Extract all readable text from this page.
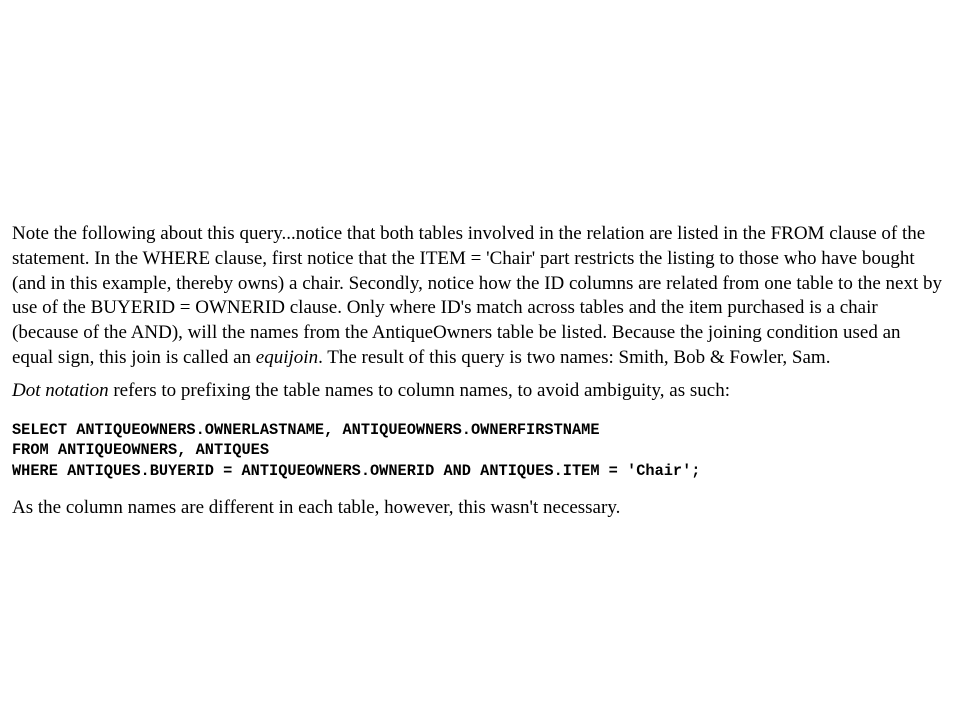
Note the following about this query...notice that both tables involved in the relation are listed in the FROM clause of the statement. In the WHERE clause, first notice that the ITEM = 'Chair' part restricts the listing to those who have bought (and in this example, thereby owns) a chair. Secondly, notice how the ID columns are related from one table to the next by use of the BUYERID = OWNERID clause. Only where ID's match across tables and the item purchased is a chair (because of the AND), will the names from the AntiqueOwners table be listed. Because the joining condition used an equal sign, this join is called an equijoin. The result of this query is two names: Smith, Bob & Fowler, Sam.

Dot notation refers to prefixing the table names to column names, to avoid ambiguity, as such:

SELECT ANTIQUEOWNERS.OWNERLASTNAME, ANTIQUEOWNERS.OWNERFIRSTNAME
FROM ANTIQUEOWNERS, ANTIQUES
WHERE ANTIQUES.BUYERID = ANTIQUEOWNERS.OWNERID AND ANTIQUES.ITEM = 'Chair';

As the column names are different in each table, however, this wasn't necessary.
